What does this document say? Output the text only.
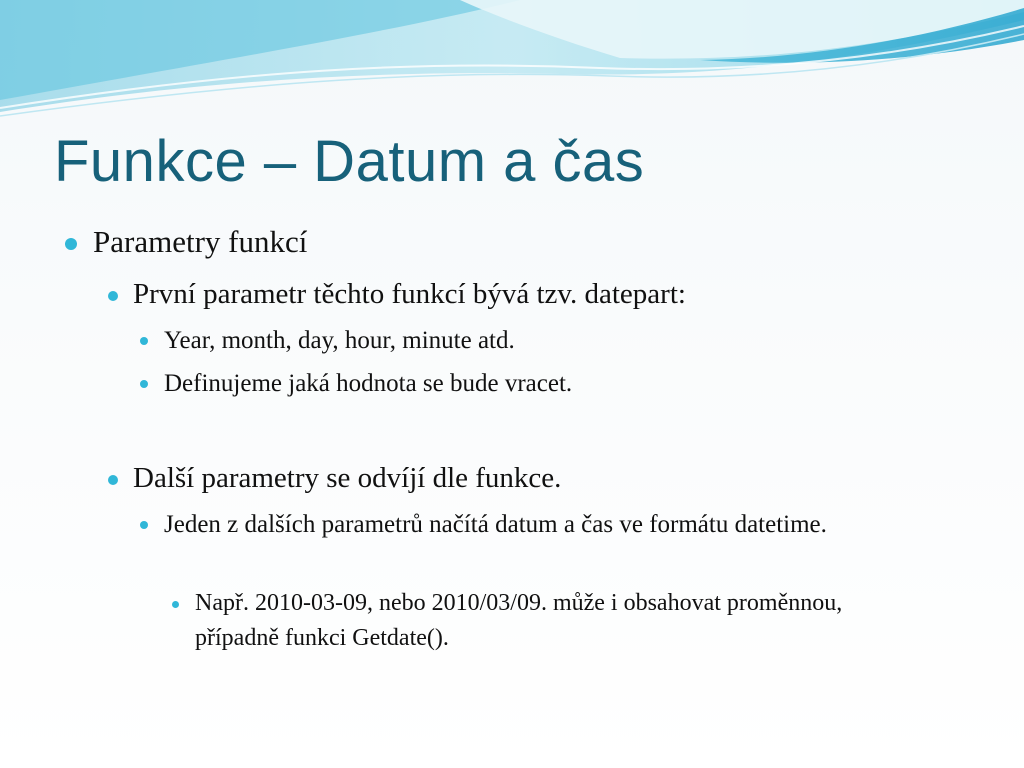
Funkce – Datum a čas

Parametry funkcí

První parametr těchto funkcí bývá tzv. datepart:

Year, month, day, hour, minute atd.

Definujeme jaká hodnota se bude vracet.

Další parametry se odvíjí dle funkce.

Jeden z dalších parametrů načítá datum a čas ve formátu datetime.

Např. 2010-03-09, nebo 2010/03/09. může i obsahovat proměnnou, případně funkci Getdate().
